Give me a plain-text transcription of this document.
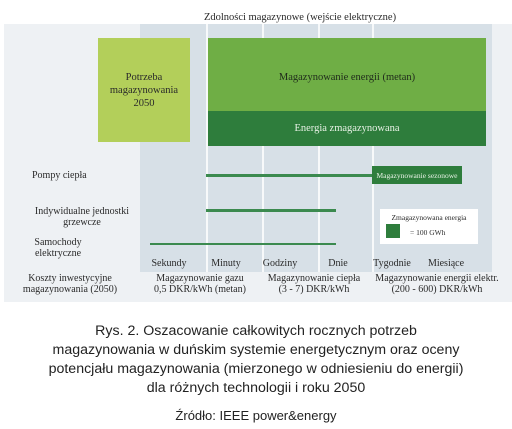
Zdolności magazynowe (wejście elektryczne)
Potrzeba
magazynowania
2050
Magazynowanie energii (metan)
Energia zmagazynowana
Pompy ciepła
Indywidualne jednostki
grzewcze
Samochody
elektryczne
Magazynowanie sezonowe
Zmagazynowana energia
= 100 GWh
Sekundy	Minuty	Godziny	Dnie	Tygodnie	Miesiące
Koszty inwestycyjne
magazynowania (2050)
Magazynowanie gazu
0,5 DKR/kWh (metan)
Magazynowanie ciepła
(3 - 7) DKR/kWh
Magazynowanie energii elektr.
(200 - 600) DKR/kWh
Rys. 2. Oszacowanie całkowitych rocznych potrzeb
magazynowania w duńskim systemie energetycznym oraz oceny
potencjału magazynowania (mierzonego w odniesieniu do energii)
dla różnych technologii i roku 2050
Źródło: IEEE power&energy
